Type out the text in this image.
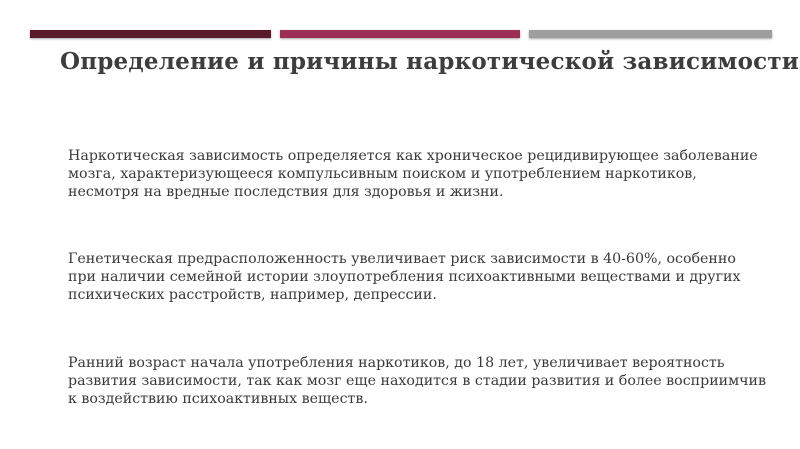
Определение и причины наркотической зависимости
Наркотическая зависимость определяется как хроническое рецидивирующее заболевание мозга, характеризующееся компульсивным поиском и употреблением наркотиков, несмотря на вредные последствия для здоровья и жизни.
Генетическая предрасположенность увеличивает риск зависимости в 40-60%, особенно при наличии семейной истории злоупотребления психоактивными веществами и других психических расстройств, например, депрессии.
Ранний возраст начала употребления наркотиков, до 18 лет, увеличивает вероятность развития зависимости, так как мозг еще находится в стадии развития и более восприимчив к воздействию психоактивных веществ.
